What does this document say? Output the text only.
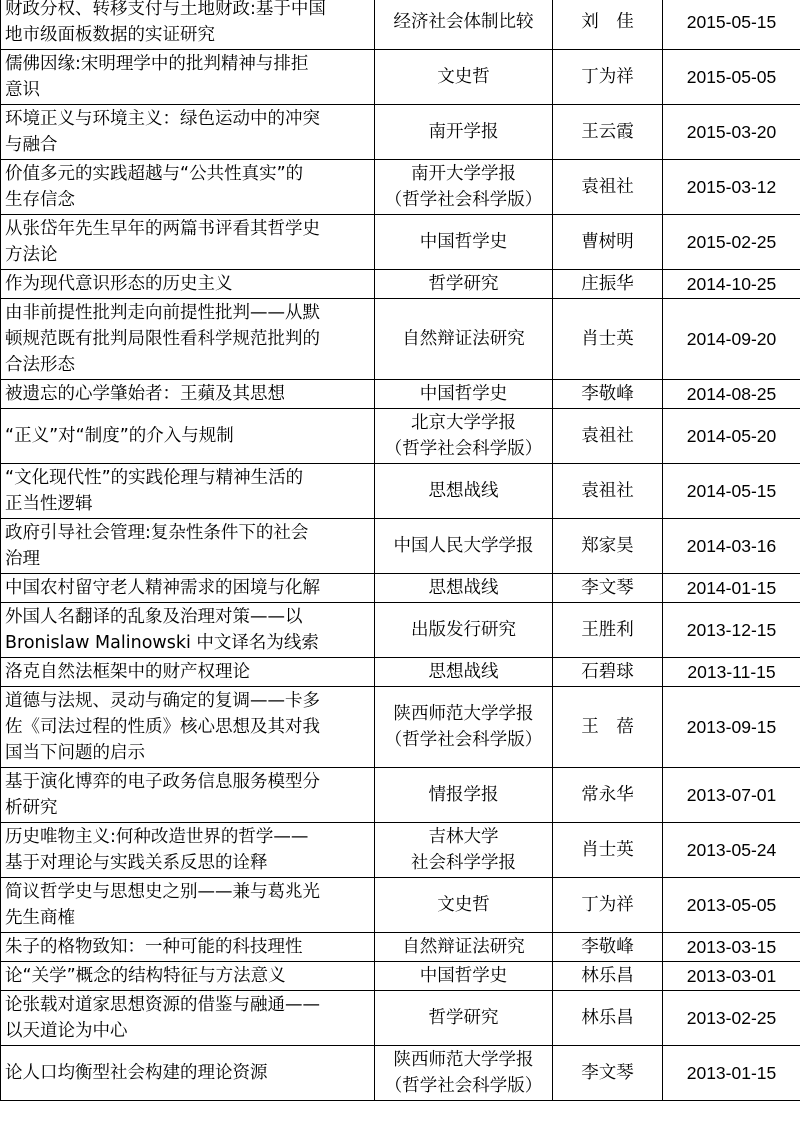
财政分权、转移支付与土地财政:基于中国
地市级面板数据的实证研究	经济社会体制比较	刘　佳	2015-05-15

儒佛因缘:宋明理学中的批判精神与排拒
意识	文史哲	丁为祥	2015-05-05

环境正义与环境主义：绿色运动中的冲突
与融合	南开学报	王云霞	2015-03-20

价值多元的实践超越与“公共性真实”的
生存信念	南开大学学报
（哲学社会科学版）	袁祖社	2015-03-12

从张岱年先生早年的两篇书评看其哲学史
方法论	中国哲学史	曹树明	2015-02-25

作为现代意识形态的历史主义	哲学研究	庄振华	2014-10-25

由非前提性批判走向前提性批判——从默
顿规范既有批判局限性看科学规范批判的
合法形态	自然辩证法研究	肖士英	2014-09-20

被遗忘的心学肇始者：王蘋及其思想	中国哲学史	李敬峰	2014-08-25

“正义”对“制度”的介入与规制	北京大学学报
（哲学社会科学版）	袁祖社	2014-05-20

“文化现代性”的实践伦理与精神生活的
正当性逻辑	思想战线	袁祖社	2014-05-15

政府引导社会管理:复杂性条件下的社会
治理	中国人民大学学报	郑家昊	2014-03-16

中国农村留守老人精神需求的困境与化解	思想战线	李文琴	2014-01-15

外国人名翻译的乱象及治理对策——以
Bronislaw Malinowski 中文译名为线索	出版发行研究	王胜利	2013-12-15

洛克自然法框架中的财产权理论	思想战线	石碧球	2013-11-15

道德与法规、灵动与确定的复调——卡多
佐《司法过程的性质》核心思想及其对我
国当下问题的启示	陕西师范大学学报
（哲学社会科学版）	王　蓓	2013-09-15

基于演化博弈的电子政务信息服务模型分
析研究	情报学报	常永华	2013-07-01

历史唯物主义:何种改造世界的哲学——
基于对理论与实践关系反思的诠释	吉林大学
社会科学学报	肖士英	2013-05-24

简议哲学史与思想史之别——兼与葛兆光
先生商榷	文史哲	丁为祥	2013-05-05

朱子的格物致知：一种可能的科技理性	自然辩证法研究	李敬峰	2013-03-15

论“关学”概念的结构特征与方法意义	中国哲学史	林乐昌	2013-03-01

论张载对道家思想资源的借鉴与融通——
以天道论为中心	哲学研究	林乐昌	2013-02-25

论人口均衡型社会构建的理论资源	陕西师范大学学报
（哲学社会科学版）	李文琴	2013-01-15
